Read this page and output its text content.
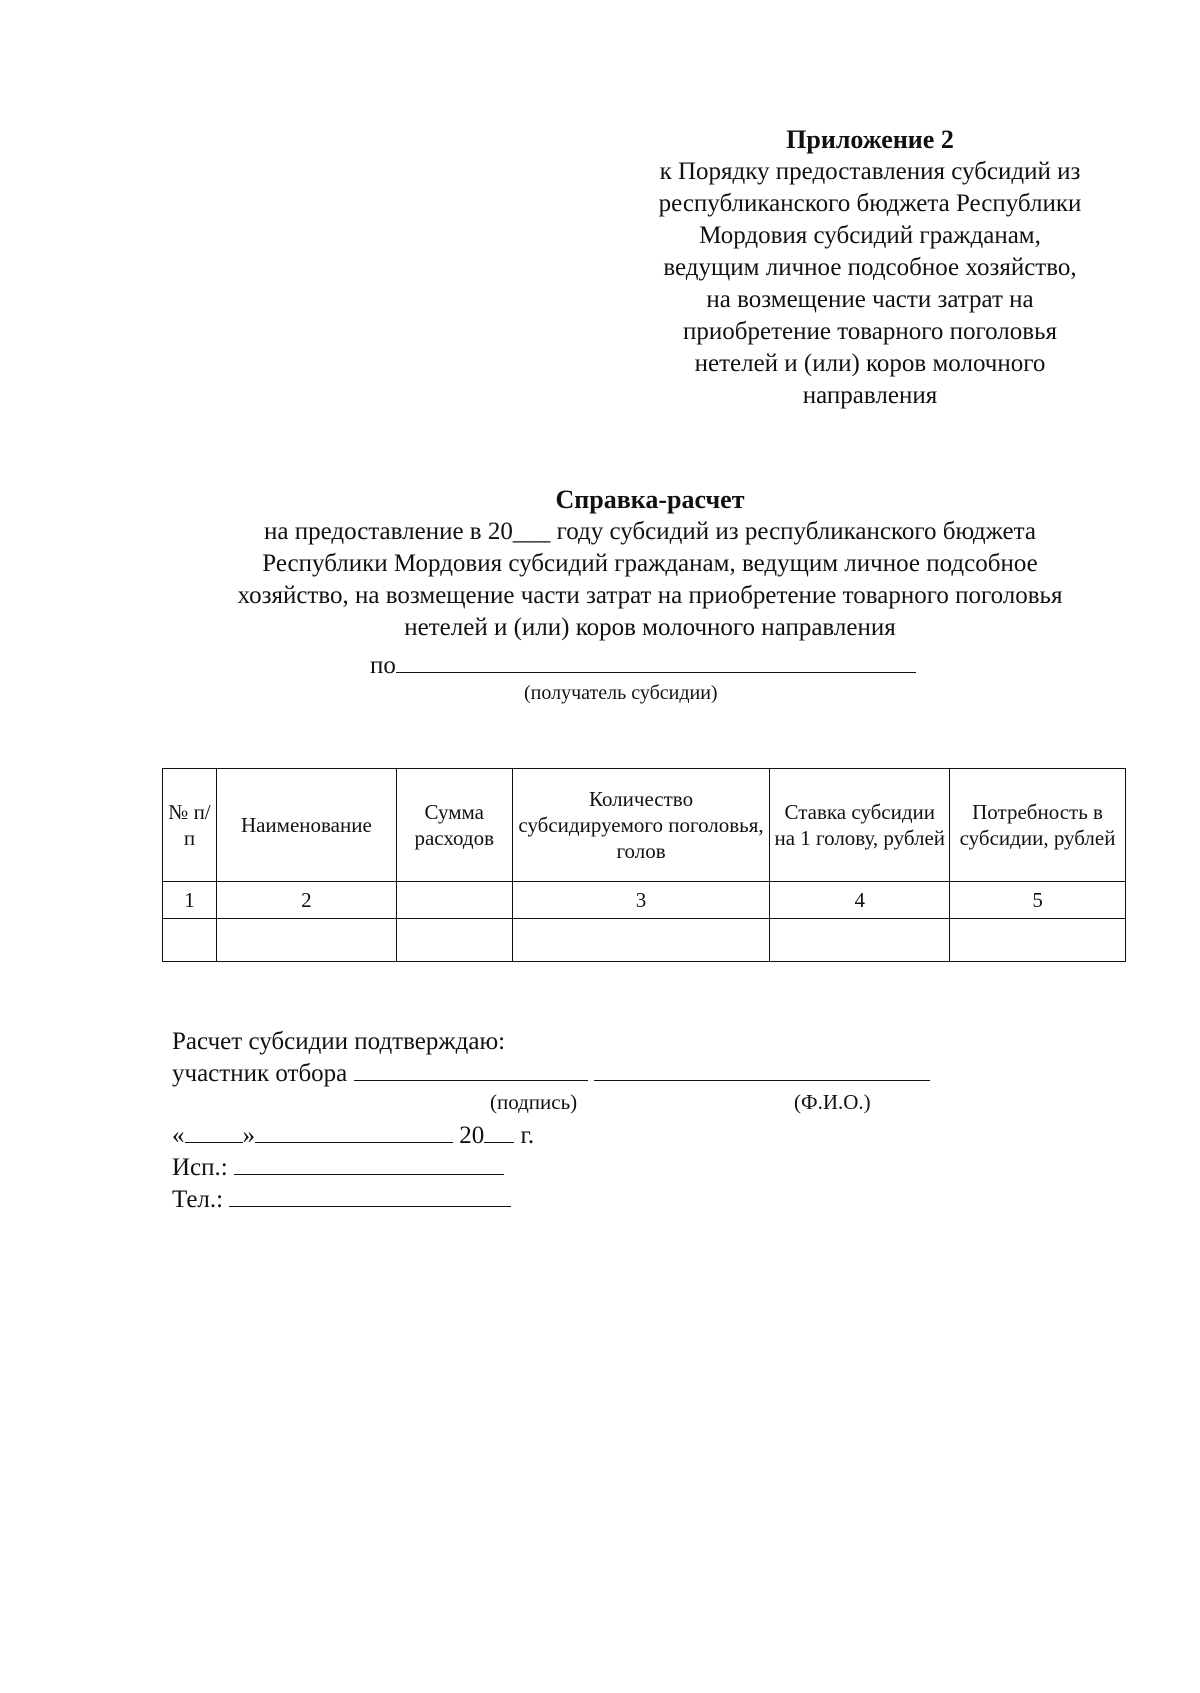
Приложение 2
к Порядку предоставления субсидий из
республиканского бюджета Республики
Мордовия субсидий гражданам,
ведущим личное подсобное хозяйство,
на возмещение части затрат на
приобретение товарного поголовья
нетелей и (или) коров молочного
направления
Справка-расчет
на предоставление в 20___ году субсидий из республиканского бюджета
Республики Мордовия субсидий гражданам, ведущим личное подсобное
хозяйство, на возмещение части затрат на приобретение товарного поголовья
нетелей и (или) коров молочного направления
по
(получатель субсидии)
№ п/п	Наименование	Сумма расходов	Количество субсидируемого поголовья, голов	Ставка субсидии на 1 голову, рублей	Потребность в субсидии, рублей
1	2		3	4	5

Расчет субсидии подтверждаю:
участник отбора
« »	20 г.
Исп.:
Тел.:
(подпись)	(Ф.И.О.)
